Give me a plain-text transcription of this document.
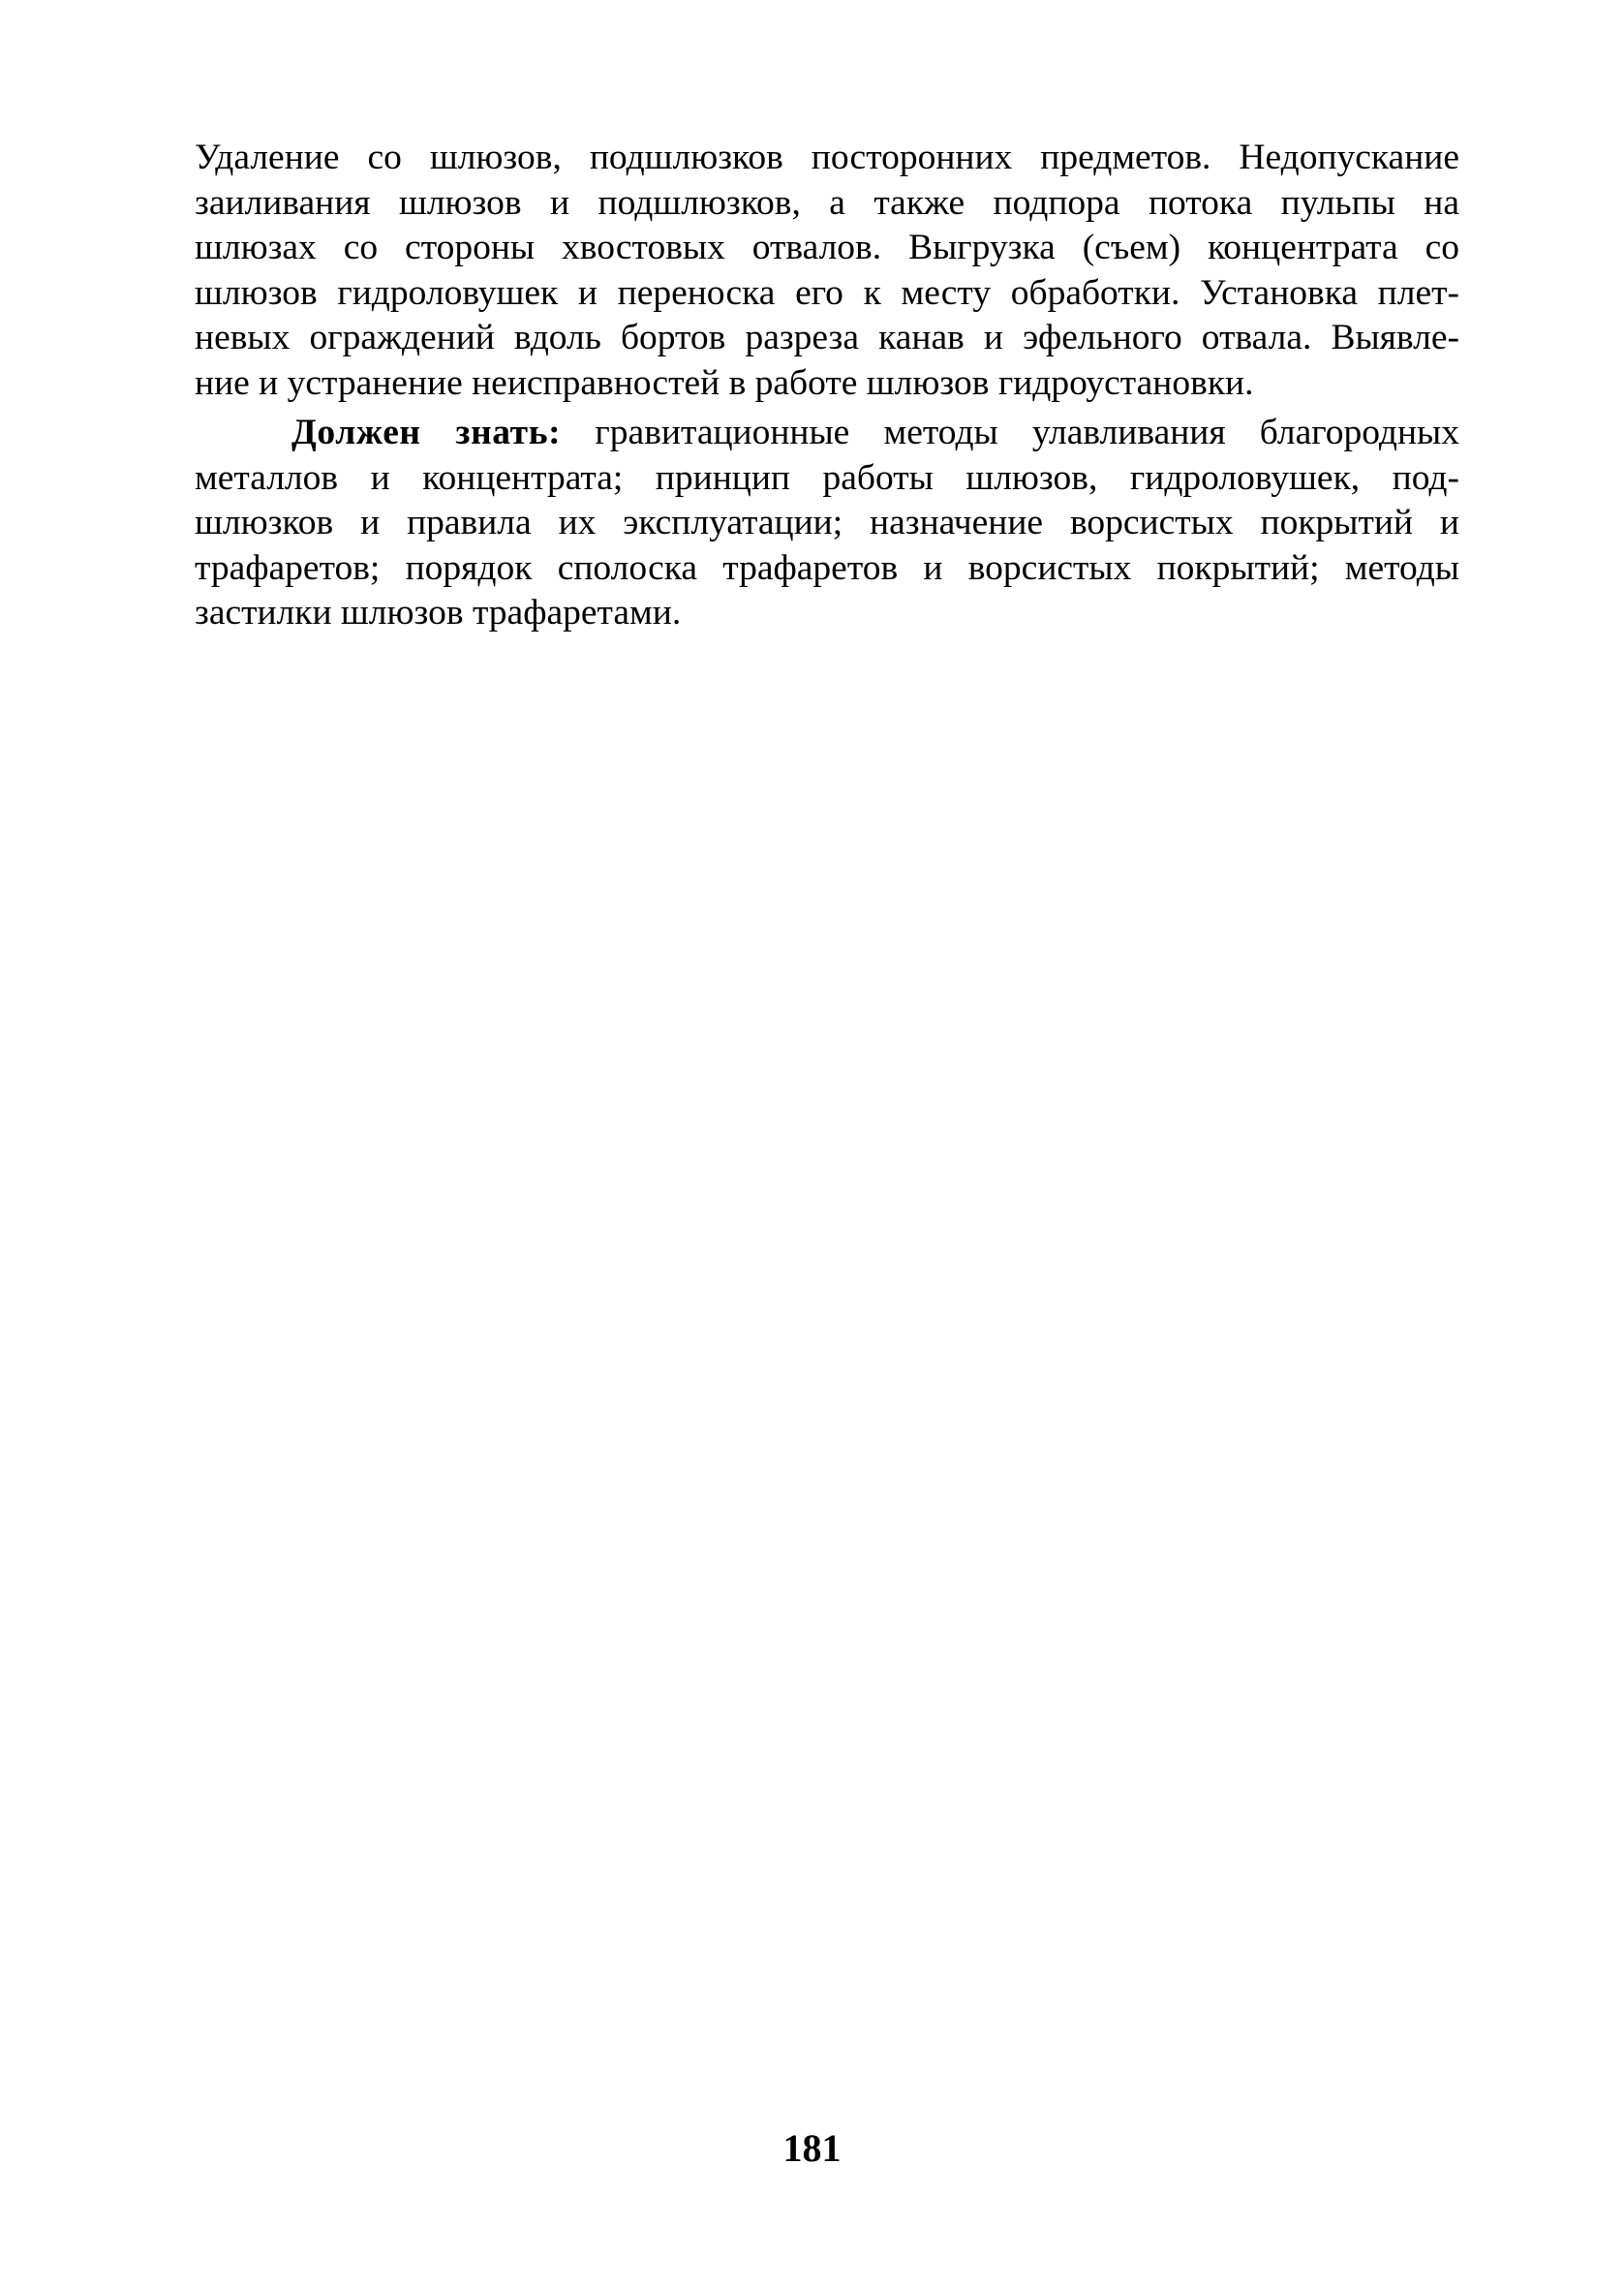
Удаление со шлюзов, подшлюзков посторонних предметов. Недопускание
заиливания шлюзов и подшлюзков, а также подпора потока пульпы на
шлюзах со стороны хвостовых отвалов. Выгрузка (съем) концентрата со
шлюзов гидроловушек и переноска его к месту обработки. Установка плет-
невых ограждений вдоль бортов разреза канав и эфельного отвала. Выявле-
ние и устранение неисправностей в работе шлюзов гидроустановки.
Должен знать: гравитационные методы улавливания благородных
металлов и концентрата; принцип работы шлюзов, гидроловушек, под-
шлюзков и правила их эксплуатации; назначение ворсистых покрытий и
трафаретов; порядок сполоска трафаретов и ворсистых покрытий; методы
застилки шлюзов трафаретами.
181
